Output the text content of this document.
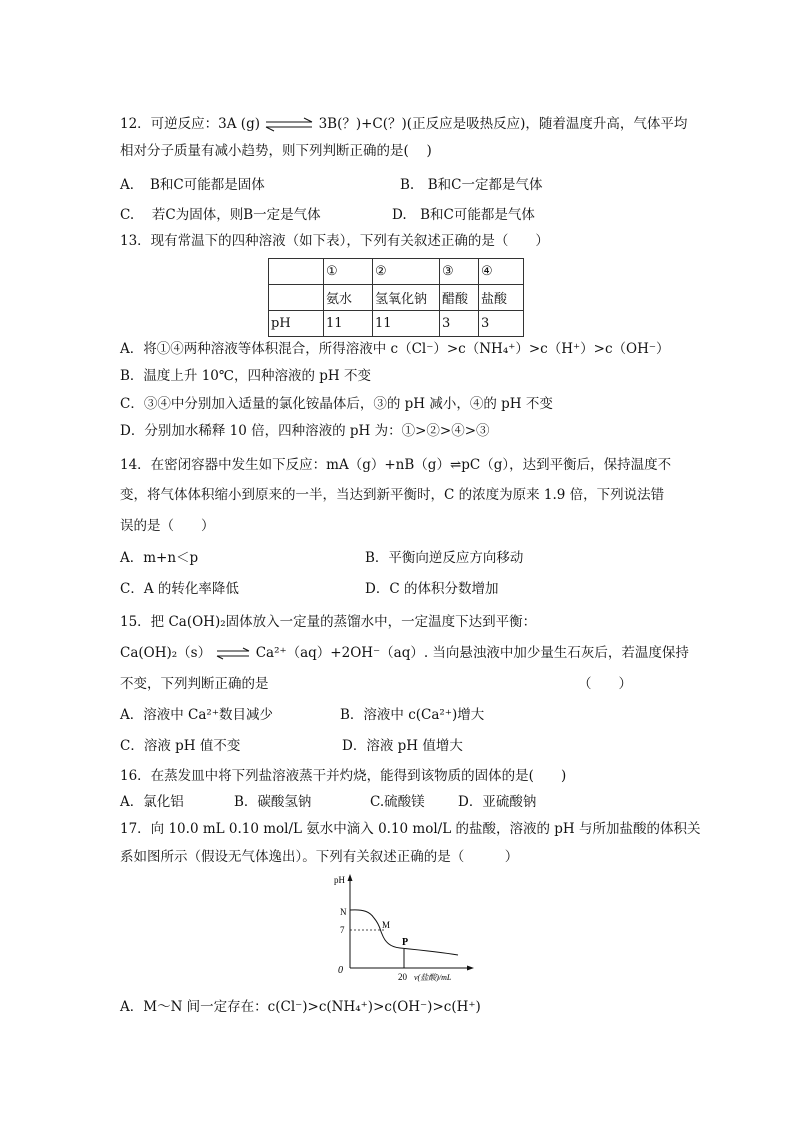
12．可逆反应：3A (g) ⇌ 3B(？)+C(？)(正反应是吸热反应)，随着温度升高，气体平均
相对分子质量有减小趋势，则下列判断正确的是(　 )
A．　B和C可能都是固体	B.　B和C一定都是气体
C.　 若C为固体，则B一定是气体	D.　B和C可能都是气体
13．现有常温下的四种溶液（如下表），下列有关叙述正确的是（　　）
	①	②	③	④
	氨水	氢氧化钠	醋酸	盐酸
pH	11	11	3	3
A．将①④两种溶液等体积混合，所得溶液中 c（Cl⁻）>c（NH₄⁺）>c（H⁺）>c（OH⁻）
B．温度上升 10℃，四种溶液的 pH 不变
C．③④中分别加入适量的氯化铵晶体后，③的 pH 减小，④的 pH 不变
D．分别加水稀释 10 倍，四种溶液的 pH 为：①>②>④>③
14．在密闭容器中发生如下反应：mA（g）+nB（g）⇌pC（g），达到平衡后，保持温度不
变，将气体体积缩小到原来的一半，当达到新平衡时，C 的浓度为原来 1.9 倍，下列说法错
误的是（　　）
A．m+n＜p	B．平衡向逆反应方向移动
C．A 的转化率降低	D．C 的体积分数增加
15．把 Ca(OH)₂固体放入一定量的蒸馏水中，一定温度下达到平衡：
Ca(OH)₂（s） ⇌ Ca²⁺（aq）+2OH⁻（aq）. 当向悬浊液中加少量生石灰后，若温度保持
不变，下列判断正确的是	（　　）
A．溶液中 Ca²⁺数目减少	B．溶液中 c(Ca²⁺)增大
C．溶液 pH 值不变	D．溶液 pH 值增大
16．在蒸发皿中将下列盐溶液蒸干并灼烧，能得到该物质的固体的是(　　)
A．氯化铝	B．碳酸氢钠	C.硫酸镁 D．亚硫酸钠
17．向 10.0 mL 0.10 mol/L 氨水中滴入 0.10 mol/L 的盐酸，溶液的 pH 与所加盐酸的体积关
系如图所示（假设无气体逸出）。下列有关叙述正确的是（　　　）
pH
0
7
N
M
P
20 v(盐酸)/mL
A．M～N 间一定存在：c(Cl⁻)>c(NH₄⁺)>c(OH⁻)>c(H⁺)
